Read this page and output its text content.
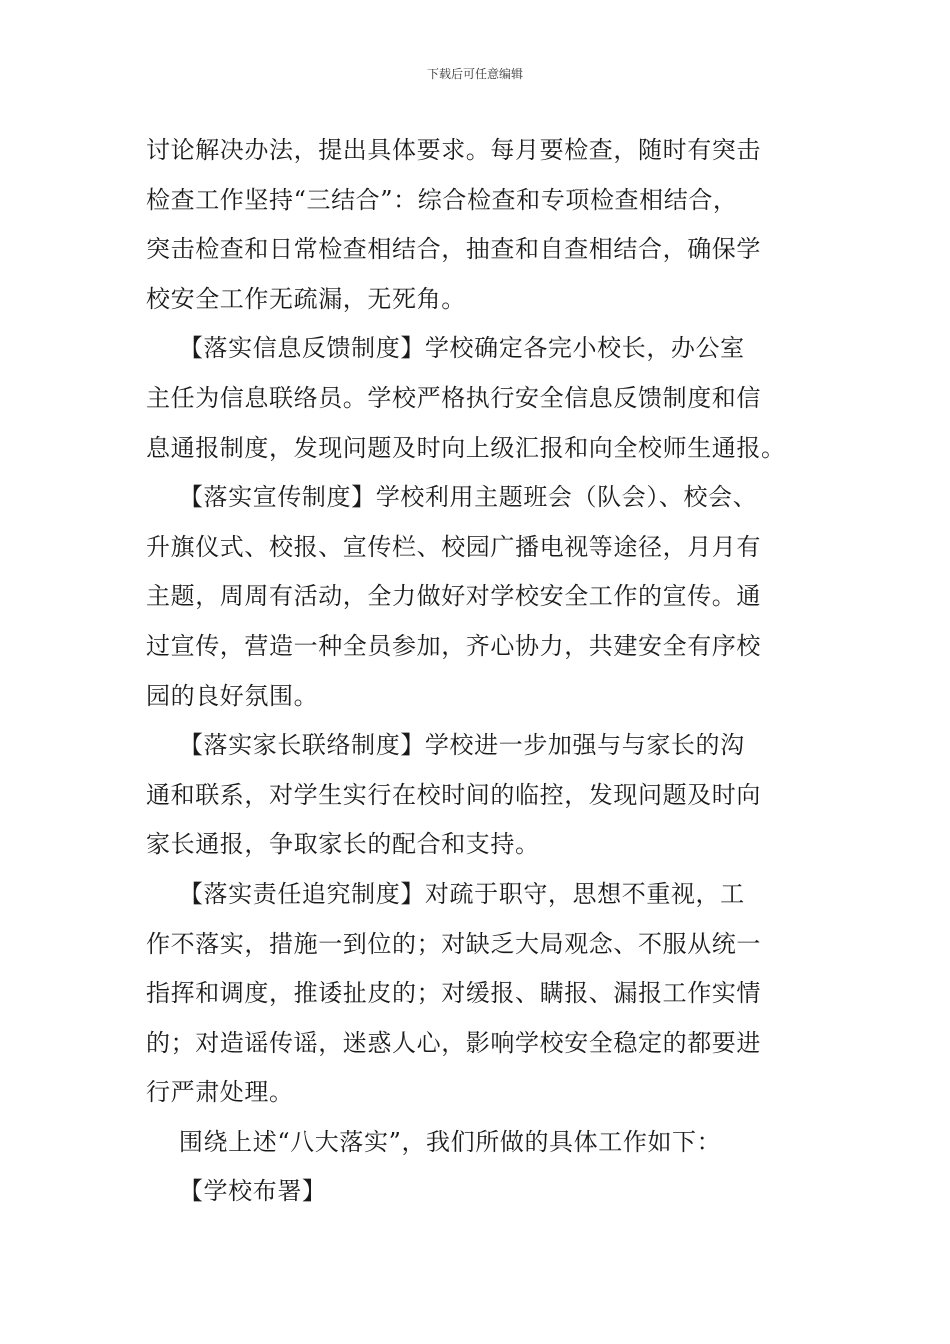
下载后可任意编辑
讨论解决办法，提出具体要求。每月要检查，随时有突击
检查工作坚持“三结合”：综合检查和专项检查相结合，
突击检查和日常检查相结合，抽查和自查相结合，确保学
校安全工作无疏漏，无死角。
【落实信息反馈制度】学校确定各完小校长，办公室
主任为信息联络员。学校严格执行安全信息反馈制度和信
息通报制度，发现问题及时向上级汇报和向全校师生通报。
【落实宣传制度】学校利用主题班会（队会）、校会、
升旗仪式、校报、宣传栏、校园广播电视等途径，月月有
主题，周周有活动，全力做好对学校安全工作的宣传。通
过宣传，营造一种全员参加，齐心协力，共建安全有序校
园的良好氛围。
【落实家长联络制度】学校进一步加强与与家长的沟
通和联系，对学生实行在校时间的临控，发现问题及时向
家长通报，争取家长的配合和支持。
【落实责任追究制度】对疏于职守，思想不重视，工
作不落实，措施一到位的；对缺乏大局观念、不服从统一
指挥和调度，推诿扯皮的；对缓报、瞒报、漏报工作实情
的；对造谣传谣，迷惑人心，影响学校安全稳定的都要进
行严肃处理。
围绕上述“八大落实”，我们所做的具体工作如下：
【学校布署】
